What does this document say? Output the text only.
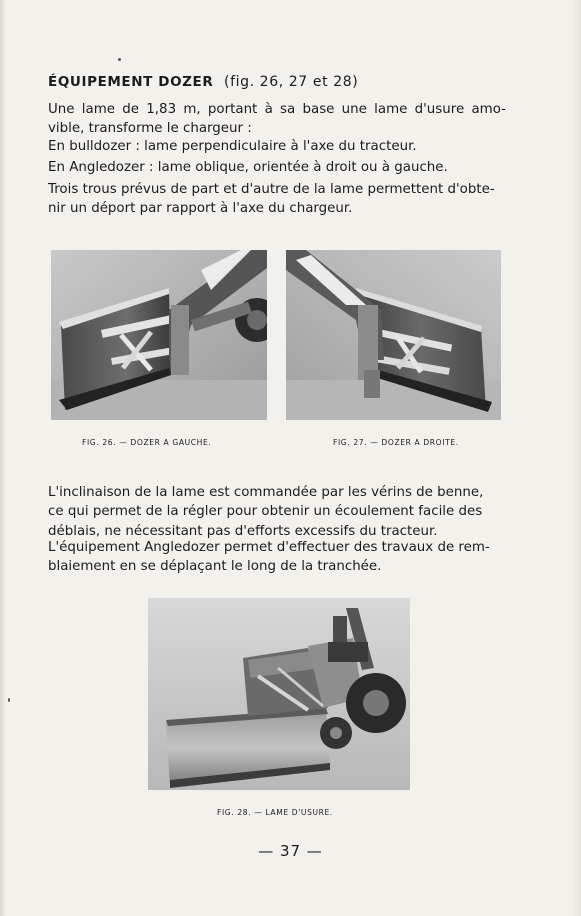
ÉQUIPEMENT DOZER (fig. 26, 27 et 28)
Une lame de 1,83 m, portant à sa base une lame d'usure amo-
vible, transforme le chargeur :
En bulldozer : lame perpendiculaire à l'axe du tracteur.
En Angledozer : lame oblique, orientée à droit ou à gauche.
Trois trous prévus de part et d'autre de la lame permettent d'obte-
nir un déport par rapport à l'axe du chargeur.
FIG. 26. — DOZER A GAUCHE.	FIG. 27. — DOZER A DROITE.
L'inclinaison de la lame est commandée par les vérins de benne,
ce qui permet de la régler pour obtenir un écoulement facile des
déblais, ne nécessitant pas d'efforts excessifs du tracteur.
L'équipement Angledozer permet d'effectuer des travaux de rem-
blaiement en se déplaçant le long de la tranchée.
FIG. 28. — LAME D'USURE.
— 37 —
